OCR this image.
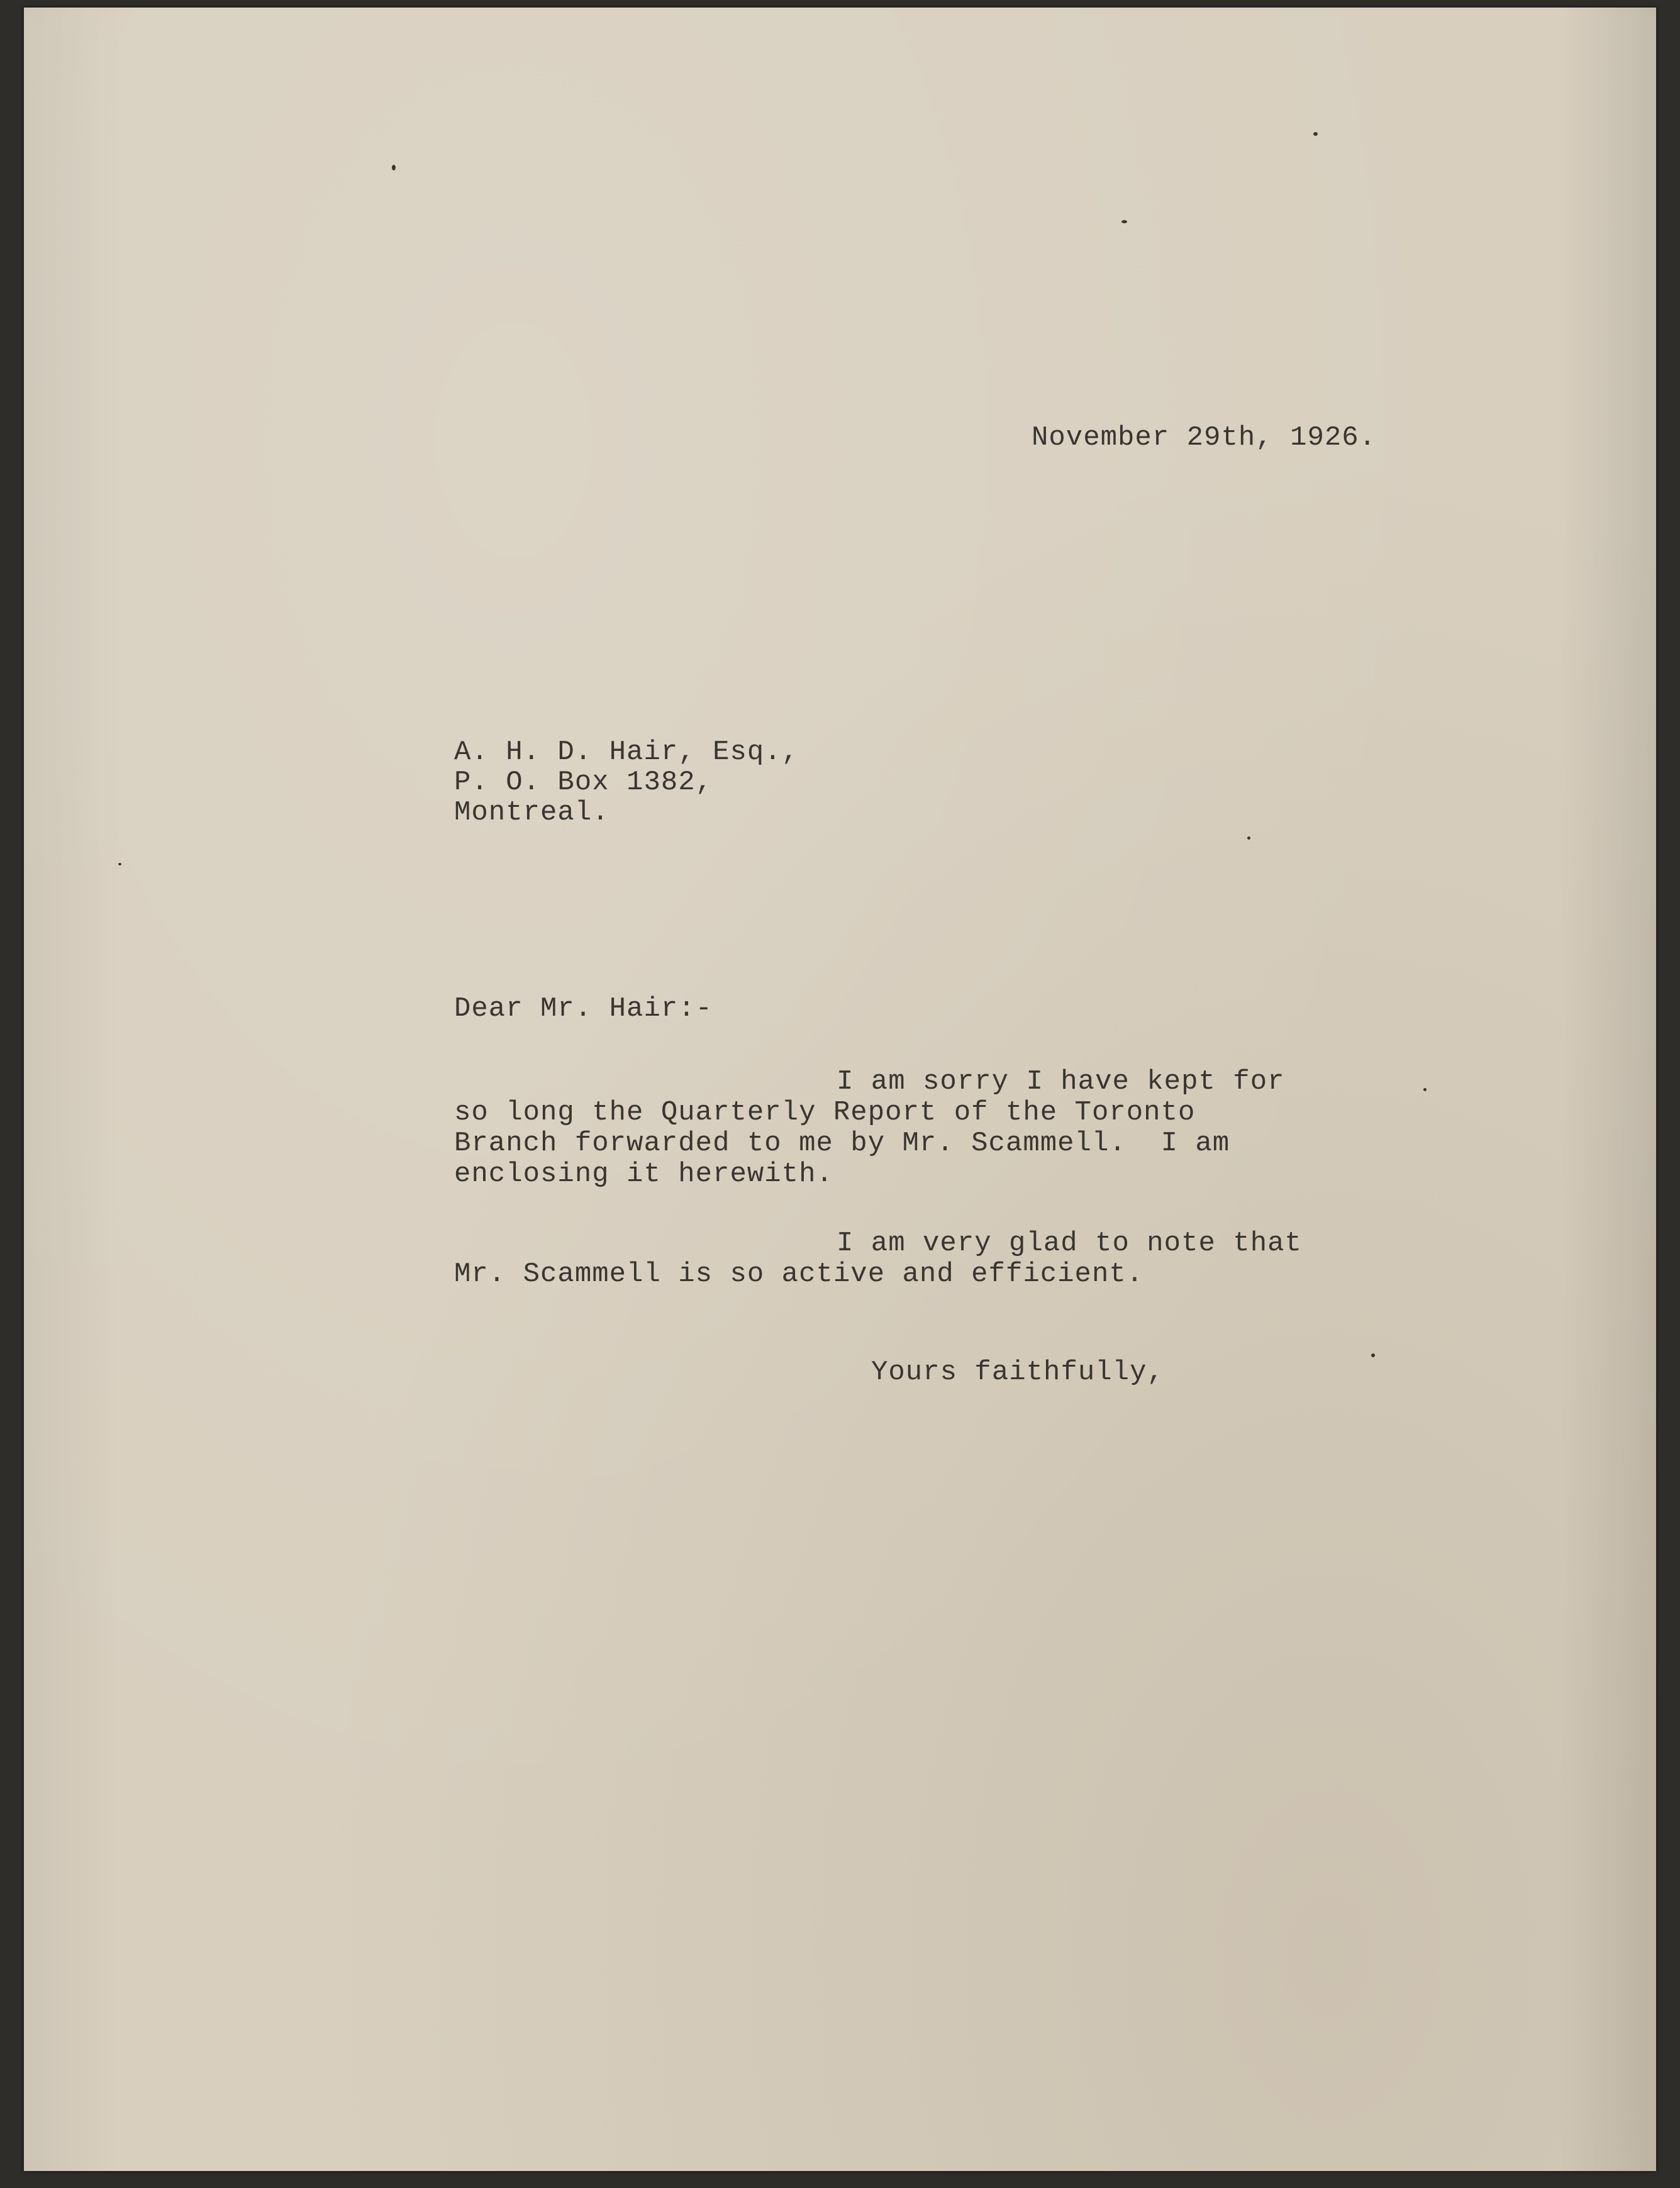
November 29th, 1926.
A. H. D. Hair, Esq.,
P. O. Box 1382,
Montreal.
Dear Mr. Hair:-
I am sorry I have kept for
so long the Quarterly Report of the Toronto
Branch forwarded to me by Mr. Scammell.  I am
enclosing it herewith.
I am very glad to note that
Mr. Scammell is so active and efficient.
Yours faithfully,
